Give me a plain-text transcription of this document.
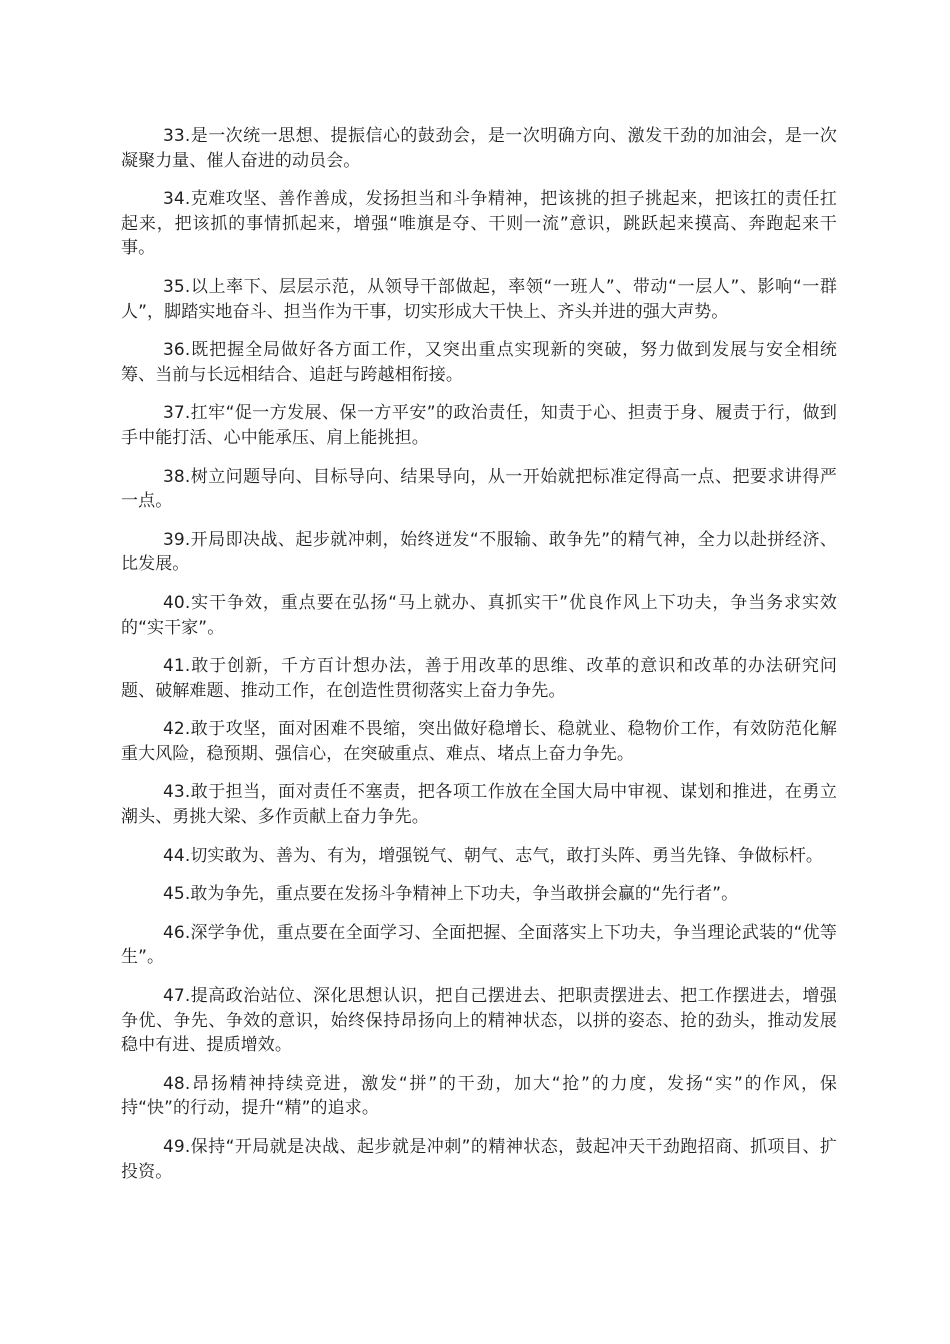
33.是一次统一思想、提振信心的鼓劲会，是一次明确方向、激发干劲的加油会，是一次凝聚力量、催人奋进的动员会。

34.克难攻坚、善作善成，发扬担当和斗争精神，把该挑的担子挑起来，把该扛的责任扛起来，把该抓的事情抓起来，增强“唯旗是夺、干则一流”意识，跳跃起来摸高、奔跑起来干事。

35.以上率下、层层示范，从领导干部做起，率领“一班人”、带动“一层人”、影响“一群人”，脚踏实地奋斗、担当作为干事，切实形成大干快上、齐头并进的强大声势。

36.既把握全局做好各方面工作，又突出重点实现新的突破，努力做到发展与安全相统筹、当前与长远相结合、追赶与跨越相衔接。

37.扛牢“促一方发展、保一方平安”的政治责任，知责于心、担责于身、履责于行，做到手中能打活、心中能承压、肩上能挑担。

38.树立问题导向、目标导向、结果导向，从一开始就把标准定得高一点、把要求讲得严一点。

39.开局即决战、起步就冲刺，始终迸发“不服输、敢争先”的精气神，全力以赴拼经济、比发展。

40.实干争效，重点要在弘扬“马上就办、真抓实干”优良作风上下功夫，争当务求实效的“实干家”。

41.敢于创新，千方百计想办法，善于用改革的思维、改革的意识和改革的办法研究问题、破解难题、推动工作，在创造性贯彻落实上奋力争先。

42.敢于攻坚，面对困难不畏缩，突出做好稳增长、稳就业、稳物价工作，有效防范化解重大风险，稳预期、强信心，在突破重点、难点、堵点上奋力争先。

43.敢于担当，面对责任不塞责，把各项工作放在全国大局中审视、谋划和推进，在勇立潮头、勇挑大梁、多作贡献上奋力争先。

44.切实敢为、善为、有为，增强锐气、朝气、志气，敢打头阵、勇当先锋、争做标杆。

45.敢为争先，重点要在发扬斗争精神上下功夫，争当敢拼会赢的“先行者”。

46.深学争优，重点要在全面学习、全面把握、全面落实上下功夫，争当理论武装的“优等生”。

47.提高政治站位、深化思想认识，把自己摆进去、把职责摆进去、把工作摆进去，增强争优、争先、争效的意识，始终保持昂扬向上的精神状态，以拼的姿态、抢的劲头，推动发展稳中有进、提质增效。

48.昂扬精神持续竞进，激发“拼”的干劲，加大“抢”的力度，发扬“实”的作风，保持“快”的行动，提升“精”的追求。

49.保持“开局就是决战、起步就是冲刺”的精神状态，鼓起冲天干劲跑招商、抓项目、扩投资。
